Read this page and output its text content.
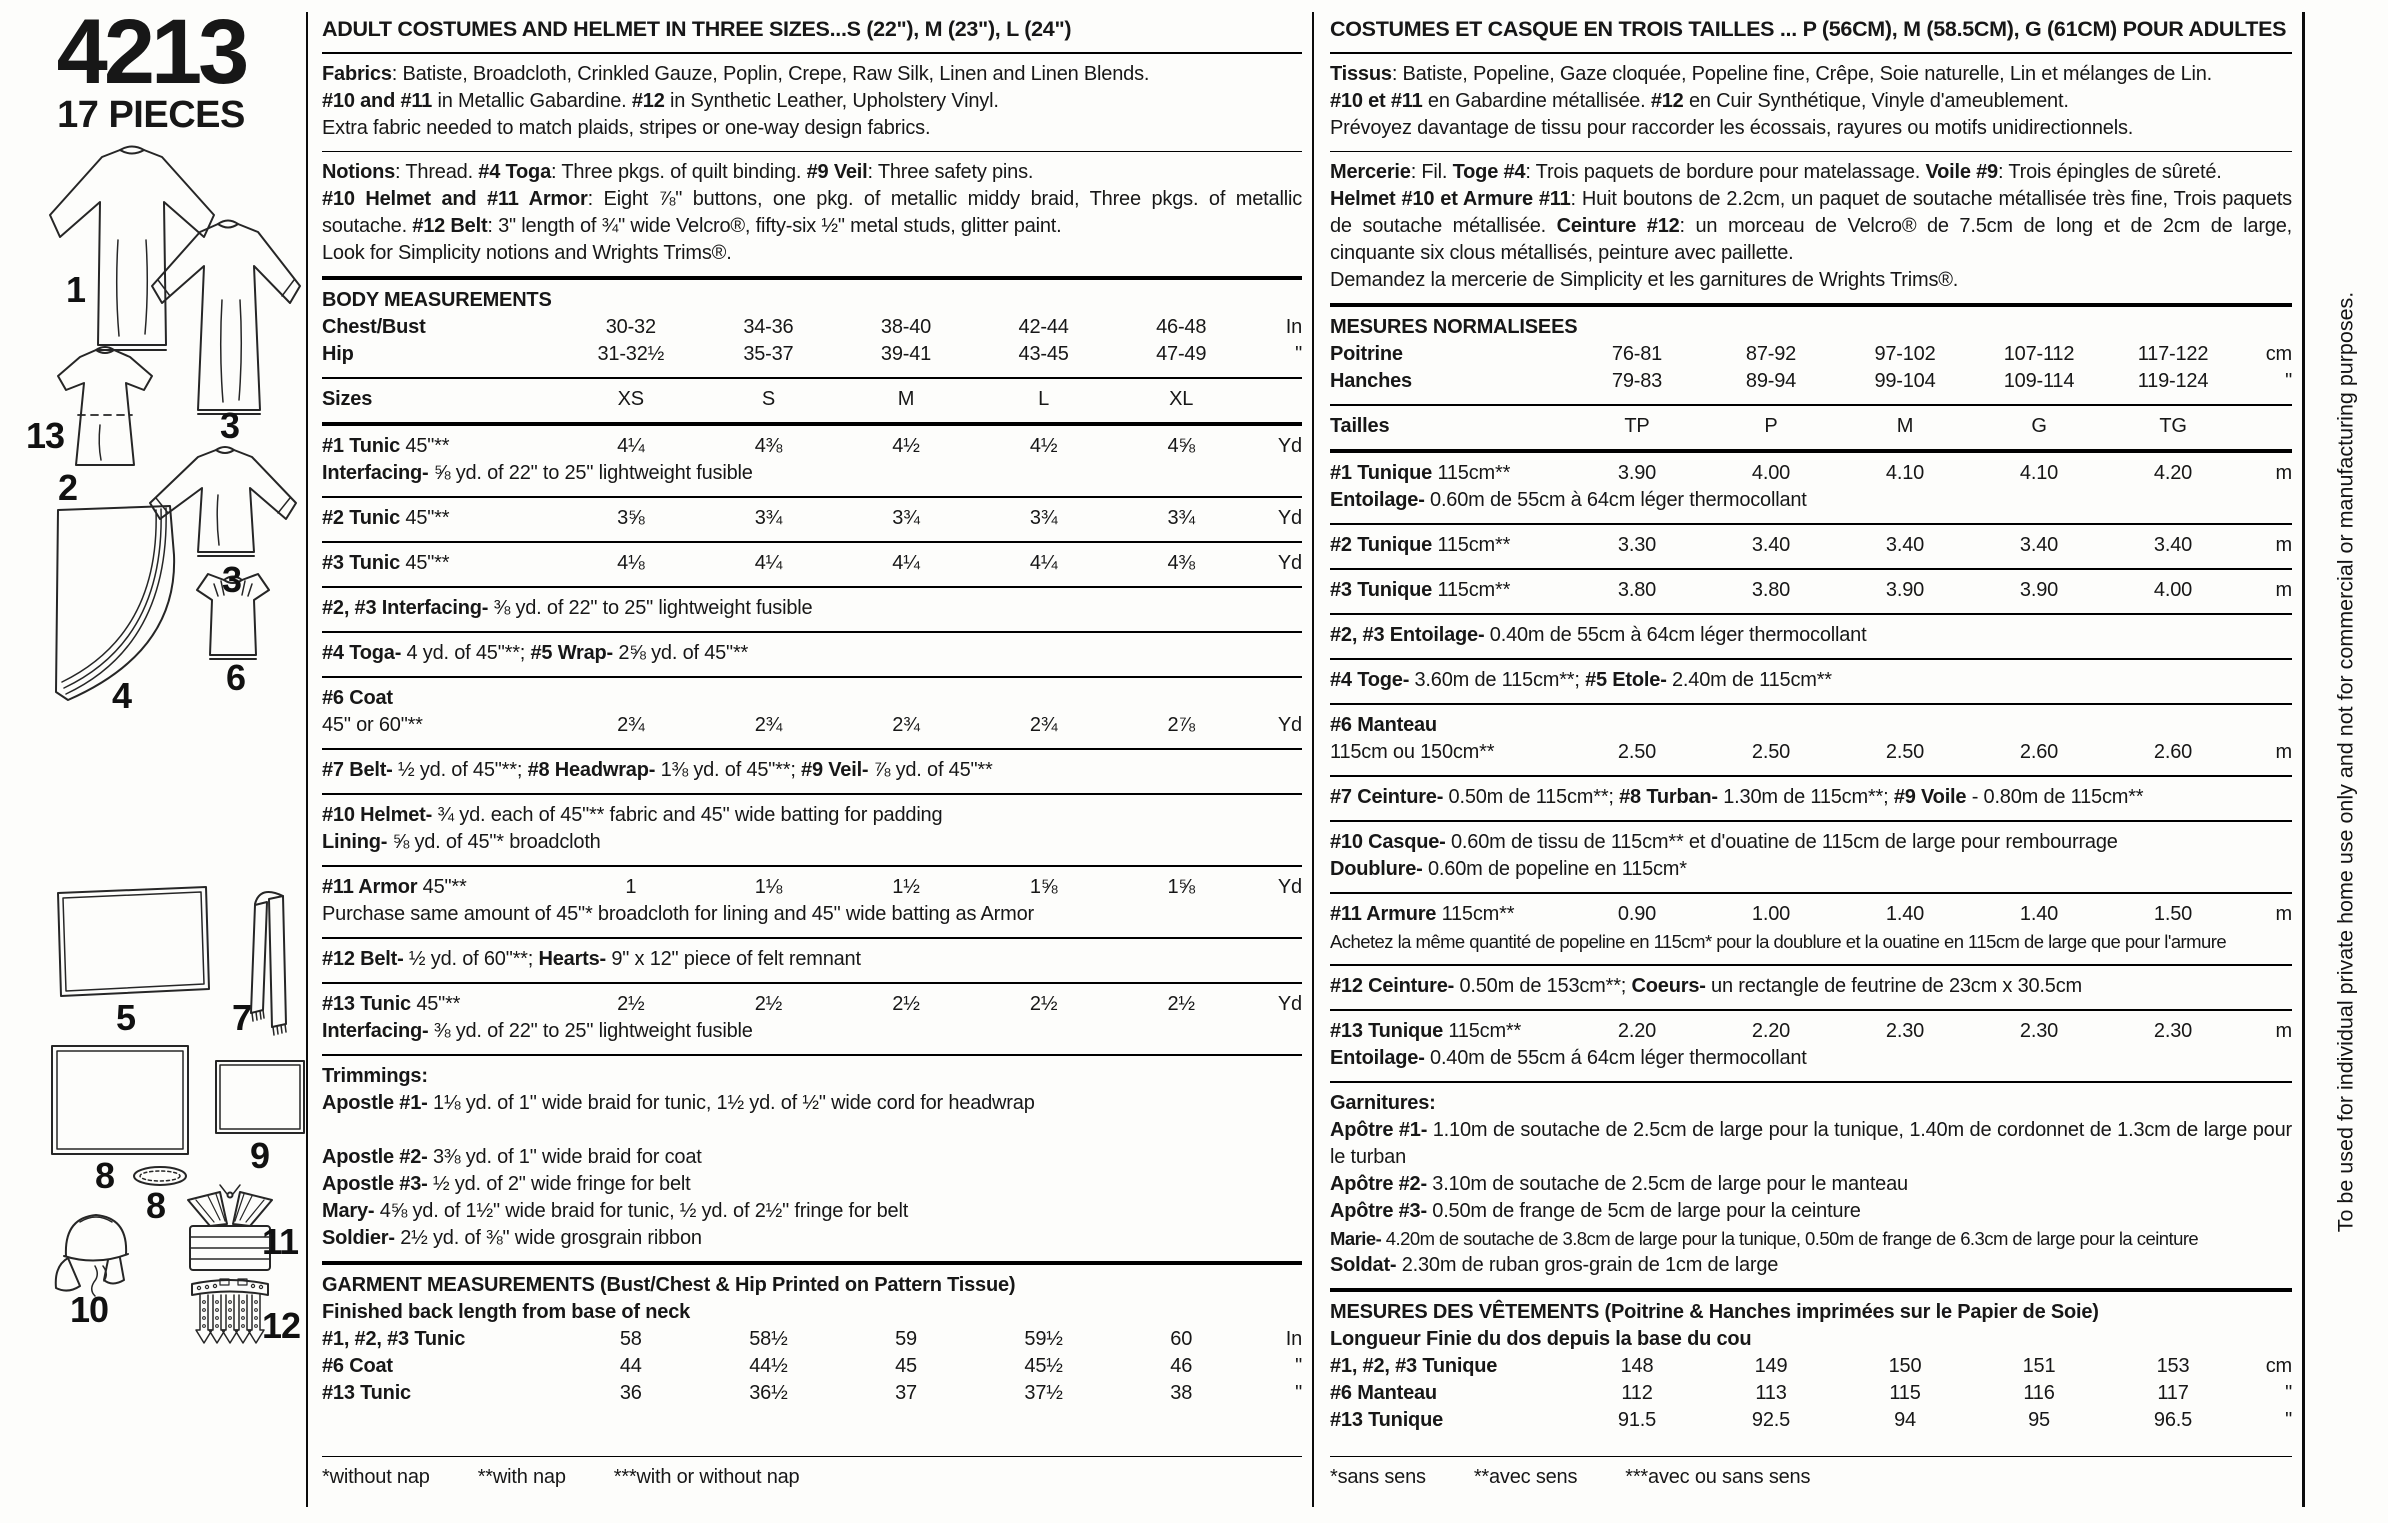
4213
17 PIECES
1
3
13
2
3
4	6
5	7
8	9
8
10
11
12
ADULT COSTUMES AND HELMET IN THREE SIZES...S (22"), M (23"), L (24")

Fabrics: Batiste, Broadcloth, Crinkled Gauze, Poplin, Crepe, Raw Silk, Linen and Linen Blends.

#10 and #11 in Metallic Gabardine. #12 in Synthetic Leather, Upholstery Vinyl.

Extra fabric needed to match plaids, stripes or one-way design fabrics.

Notions: Thread. #4 Toga: Three pkgs. of quilt binding. #9 Veil: Three safety pins.

#10 Helmet and #11 Armor: Eight ⅞" buttons, one pkg. of metallic middy braid, Three pkgs. of metallic soutache. #12 Belt: 3" length of ¾" wide Velcro®, fifty-six ½" metal studs, glitter paint.

Look for Simplicity notions and Wrights Trims®.

BODY MEASUREMENTS

Chest/Bust	30-32	34-36	38-40	42-44	46-48	In
Hip	31-32½	35-37	39-41	43-45	47-49	"
Sizes	XS	S	M	L	XL
#1 Tunic 45"**	4¼	4⅜	4½	4½	4⅝	Yd

Interfacing- ⅝ yd. of 22" to 25" lightweight fusible

#2 Tunic 45"**	3⅝	3¾	3¾	3¾	3¾	Yd
#3 Tunic 45"**	4⅛	4¼	4¼	4¼	4⅜	Yd

#2, #3 Interfacing- ⅜ yd. of 22" to 25" lightweight fusible

#4 Toga- 4 yd. of 45"**; #5 Wrap- 2⅝ yd. of 45"**

#6 Coat

45" or 60"**	2¾	2¾	2¾	2¾	2⅞	Yd

#7 Belt- ½ yd. of 45"**; #8 Headwrap- 1⅜ yd. of 45"**; #9 Veil- ⅞ yd. of 45"**

#10 Helmet- ¾ yd. each of 45"** fabric and 45" wide batting for padding

Lining- ⅝ yd. of 45"* broadcloth

#11 Armor 45"**	1	1⅛	1½	1⅝	1⅝	Yd

Purchase same amount of 45"* broadcloth for lining and 45" wide batting as Armor

#12 Belt- ½ yd. of 60"**; Hearts- 9" x 12" piece of felt remnant

#13 Tunic 45"**	2½	2½	2½	2½	2½	Yd

Interfacing- ⅜ yd. of 22" to 25" lightweight fusible

Trimmings:

Apostle #1- 1⅛ yd. of 1" wide braid for tunic, 1½ yd. of ½" wide cord for headwrap

Apostle #2- 3⅜ yd. of 1" wide braid for coat

Apostle #3- ½ yd. of 2" wide fringe for belt

Mary- 4⅝ yd. of 1½" wide braid for tunic, ½ yd. of 2½" fringe for belt

Soldier- 2½ yd. of ⅜" wide grosgrain ribbon

GARMENT MEASUREMENTS (Bust/Chest & Hip Printed on Pattern Tissue)

Finished back length from base of neck

#1, #2, #3 Tunic	58	58½	59	59½	60	In
#6 Coat	44	44½	45	45½	46	"
#13 Tunic	36	36½	37	37½	38	"
*without nap **with nap ***with or without nap
COSTUMES ET CASQUE EN TROIS TAILLES ... P (56CM), M (58.5CM), G (61CM) POUR ADULTES

Tissus: Batiste, Popeline, Gaze cloquée, Popeline fine, Crêpe, Soie naturelle, Lin et mélanges de Lin.

#10 et #11 en Gabardine métallisée. #12 en Cuir Synthétique, Vinyle d'ameublement.

Prévoyez davantage de tissu pour raccorder les écossais, rayures ou motifs unidirectionnels.

Mercerie: Fil. Toge #4: Trois paquets de bordure pour matelassage. Voile #9: Trois épingles de sûreté.

Helmet #10 et Armure #11: Huit boutons de 2.2cm, un paquet de soutache métallisée très fine, Trois paquets de soutache métallisée. Ceinture #12: un morceau de Velcro® de 7.5cm de long et de 2cm de large, cinquante six clous métallisés, peinture avec paillette.

Demandez la mercerie de Simplicity et les garnitures de Wrights Trims®.

MESURES NORMALISEES

Poitrine	76-81	87-92	97-102	107-112	117-122	cm
Hanches	79-83	89-94	99-104	109-114	119-124	"
Tailles	TP	P	M	G	TG
#1 Tunique 115cm**	3.90	4.00	4.10	4.10	4.20	m

Entoilage- 0.60m de 55cm à 64cm léger thermocollant

#2 Tunique 115cm**	3.30	3.40	3.40	3.40	3.40	m
#3 Tunique 115cm**	3.80	3.80	3.90	3.90	4.00	m

#2, #3 Entoilage- 0.40m de 55cm à 64cm léger thermocollant

#4 Toge- 3.60m de 115cm**; #5 Etole- 2.40m de 115cm**

#6 Manteau

115cm ou 150cm**	2.50	2.50	2.50	2.60	2.60	m

#7 Ceinture- 0.50m de 115cm**; #8 Turban- 1.30m de 115cm**; #9 Voile - 0.80m de 115cm**

#10 Casque- 0.60m de tissu de 115cm** et d'ouatine de 115cm de large pour rembourrage

Doublure- 0.60m de popeline en 115cm*

#11 Armure 115cm**	0.90	1.00	1.40	1.40	1.50	m

Achetez la même quantité de popeline en 115cm* pour la doublure et la ouatine en 115cm de large que pour l'armure

#12 Ceinture- 0.50m de 153cm**; Coeurs- un rectangle de feutrine de 23cm x 30.5cm

#13 Tunique 115cm**	2.20	2.20	2.30	2.30	2.30	m

Entoilage- 0.40m de 55cm á 64cm léger thermocollant

Garnitures:

Apôtre #1- 1.10m de soutache de 2.5cm de large pour la tunique, 1.40m de cordonnet de 1.3cm de large pour le turban

Apôtre #2- 3.10m de soutache de 2.5cm de large pour le manteau

Apôtre #3- 0.50m de frange de 5cm de large pour la ceinture

Marie- 4.20m de soutache de 3.8cm de large pour la tunique, 0.50m de frange de 6.3cm de large pour la ceinture

Soldat- 2.30m de ruban gros-grain de 1cm de large

MESURES DES VÊTEMENTS (Poitrine & Hanches imprimées sur le Papier de Soie)

Longueur Finie du dos depuis la base du cou

#1, #2, #3 Tunique	148	149	150	151	153	cm
#6 Manteau	112	113	115	116	117	"
#13 Tunique	91.5	92.5	94	95	96.5	"
*sans sens **avec sens ***avec ou sans sens
To be used for individual private home use only and not for commercial or manufacturing purposes.
